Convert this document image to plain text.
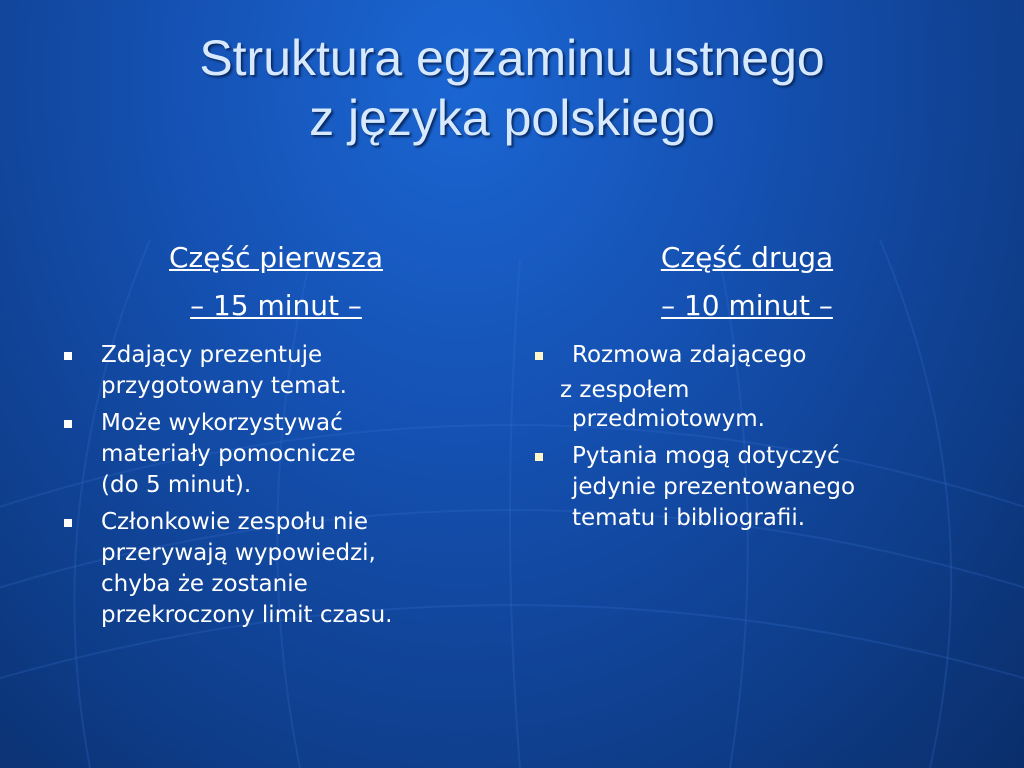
Struktura egzaminu ustnego
z języka polskiego
Część pierwsza
– 15 minut –
Zdający prezentuje
przygotowany temat.
Może wykorzystywać
materiały pomocnicze
(do 5 minut).
Członkowie zespołu nie
przerywają wypowiedzi,
chyba że zostanie
przekroczony limit czasu.
Część druga
– 10 minut –
Rozmowa zdającego
z zespołem
przedmiotowym.
Pytania mogą dotyczyć
jedynie prezentowanego
tematu i bibliografii.
